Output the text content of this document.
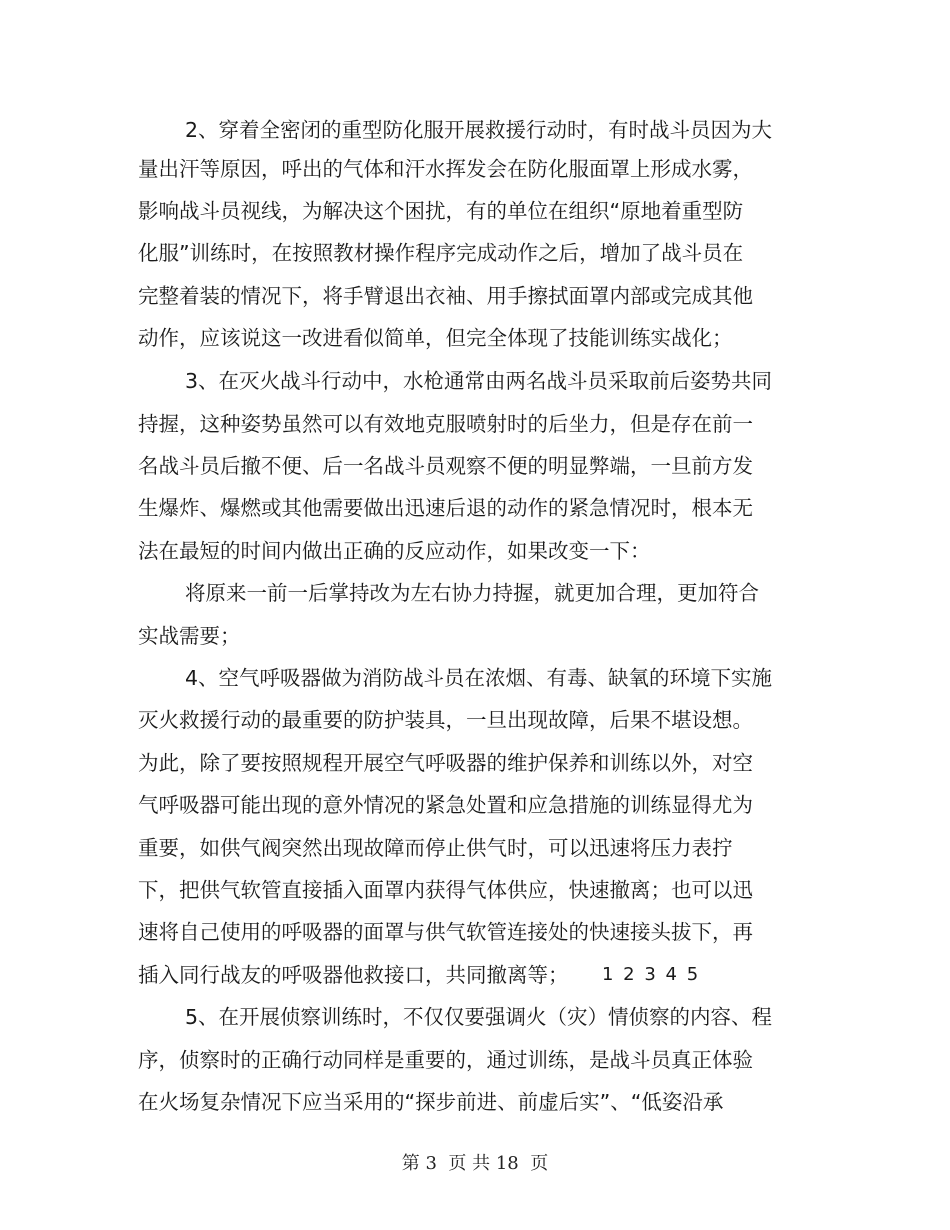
2、穿着全密闭的重型防化服开展救援行动时，有时战斗员因为大
量出汗等原因，呼出的气体和汗水挥发会在防化服面罩上形成水雾，
影响战斗员视线，为解决这个困扰，有的单位在组织“原地着重型防
化服”训练时，在按照教材操作程序完成动作之后，增加了战斗员在
完整着装的情况下，将手臂退出衣袖、用手擦拭面罩内部或完成其他
动作，应该说这一改进看似简单，但完全体现了技能训练实战化；
3、在灭火战斗行动中，水枪通常由两名战斗员采取前后姿势共同
持握，这种姿势虽然可以有效地克服喷射时的后坐力，但是存在前一
名战斗员后撤不便、后一名战斗员观察不便的明显弊端，一旦前方发
生爆炸、爆燃或其他需要做出迅速后退的动作的紧急情况时，根本无
法在最短的时间内做出正确的反应动作，如果改变一下：
将原来一前一后掌持改为左右协力持握，就更加合理，更加符合
实战需要；
4、空气呼吸器做为消防战斗员在浓烟、有毒、缺氧的环境下实施
灭火救援行动的最重要的防护装具，一旦出现故障，后果不堪设想。
为此，除了要按照规程开展空气呼吸器的维护保养和训练以外，对空
气呼吸器可能出现的意外情况的紧急处置和应急措施的训练显得尤为
重要，如供气阀突然出现故障而停止供气时，可以迅速将压力表拧
下，把供气软管直接插入面罩内获得气体供应，快速撤离；也可以迅
速将自己使用的呼吸器的面罩与供气软管连接处的快速接头拔下，再
插入同行战友的呼吸器他救接口，共同撤离等； 1 2 3 4 5
5、在开展侦察训练时，不仅仅要强调火（灾）情侦察的内容、程
序，侦察时的正确行动同样是重要的，通过训练，是战斗员真正体验
在火场复杂情况下应当采用的“探步前进、前虚后实”、“低姿沿承
第 3  页 共 18  页
